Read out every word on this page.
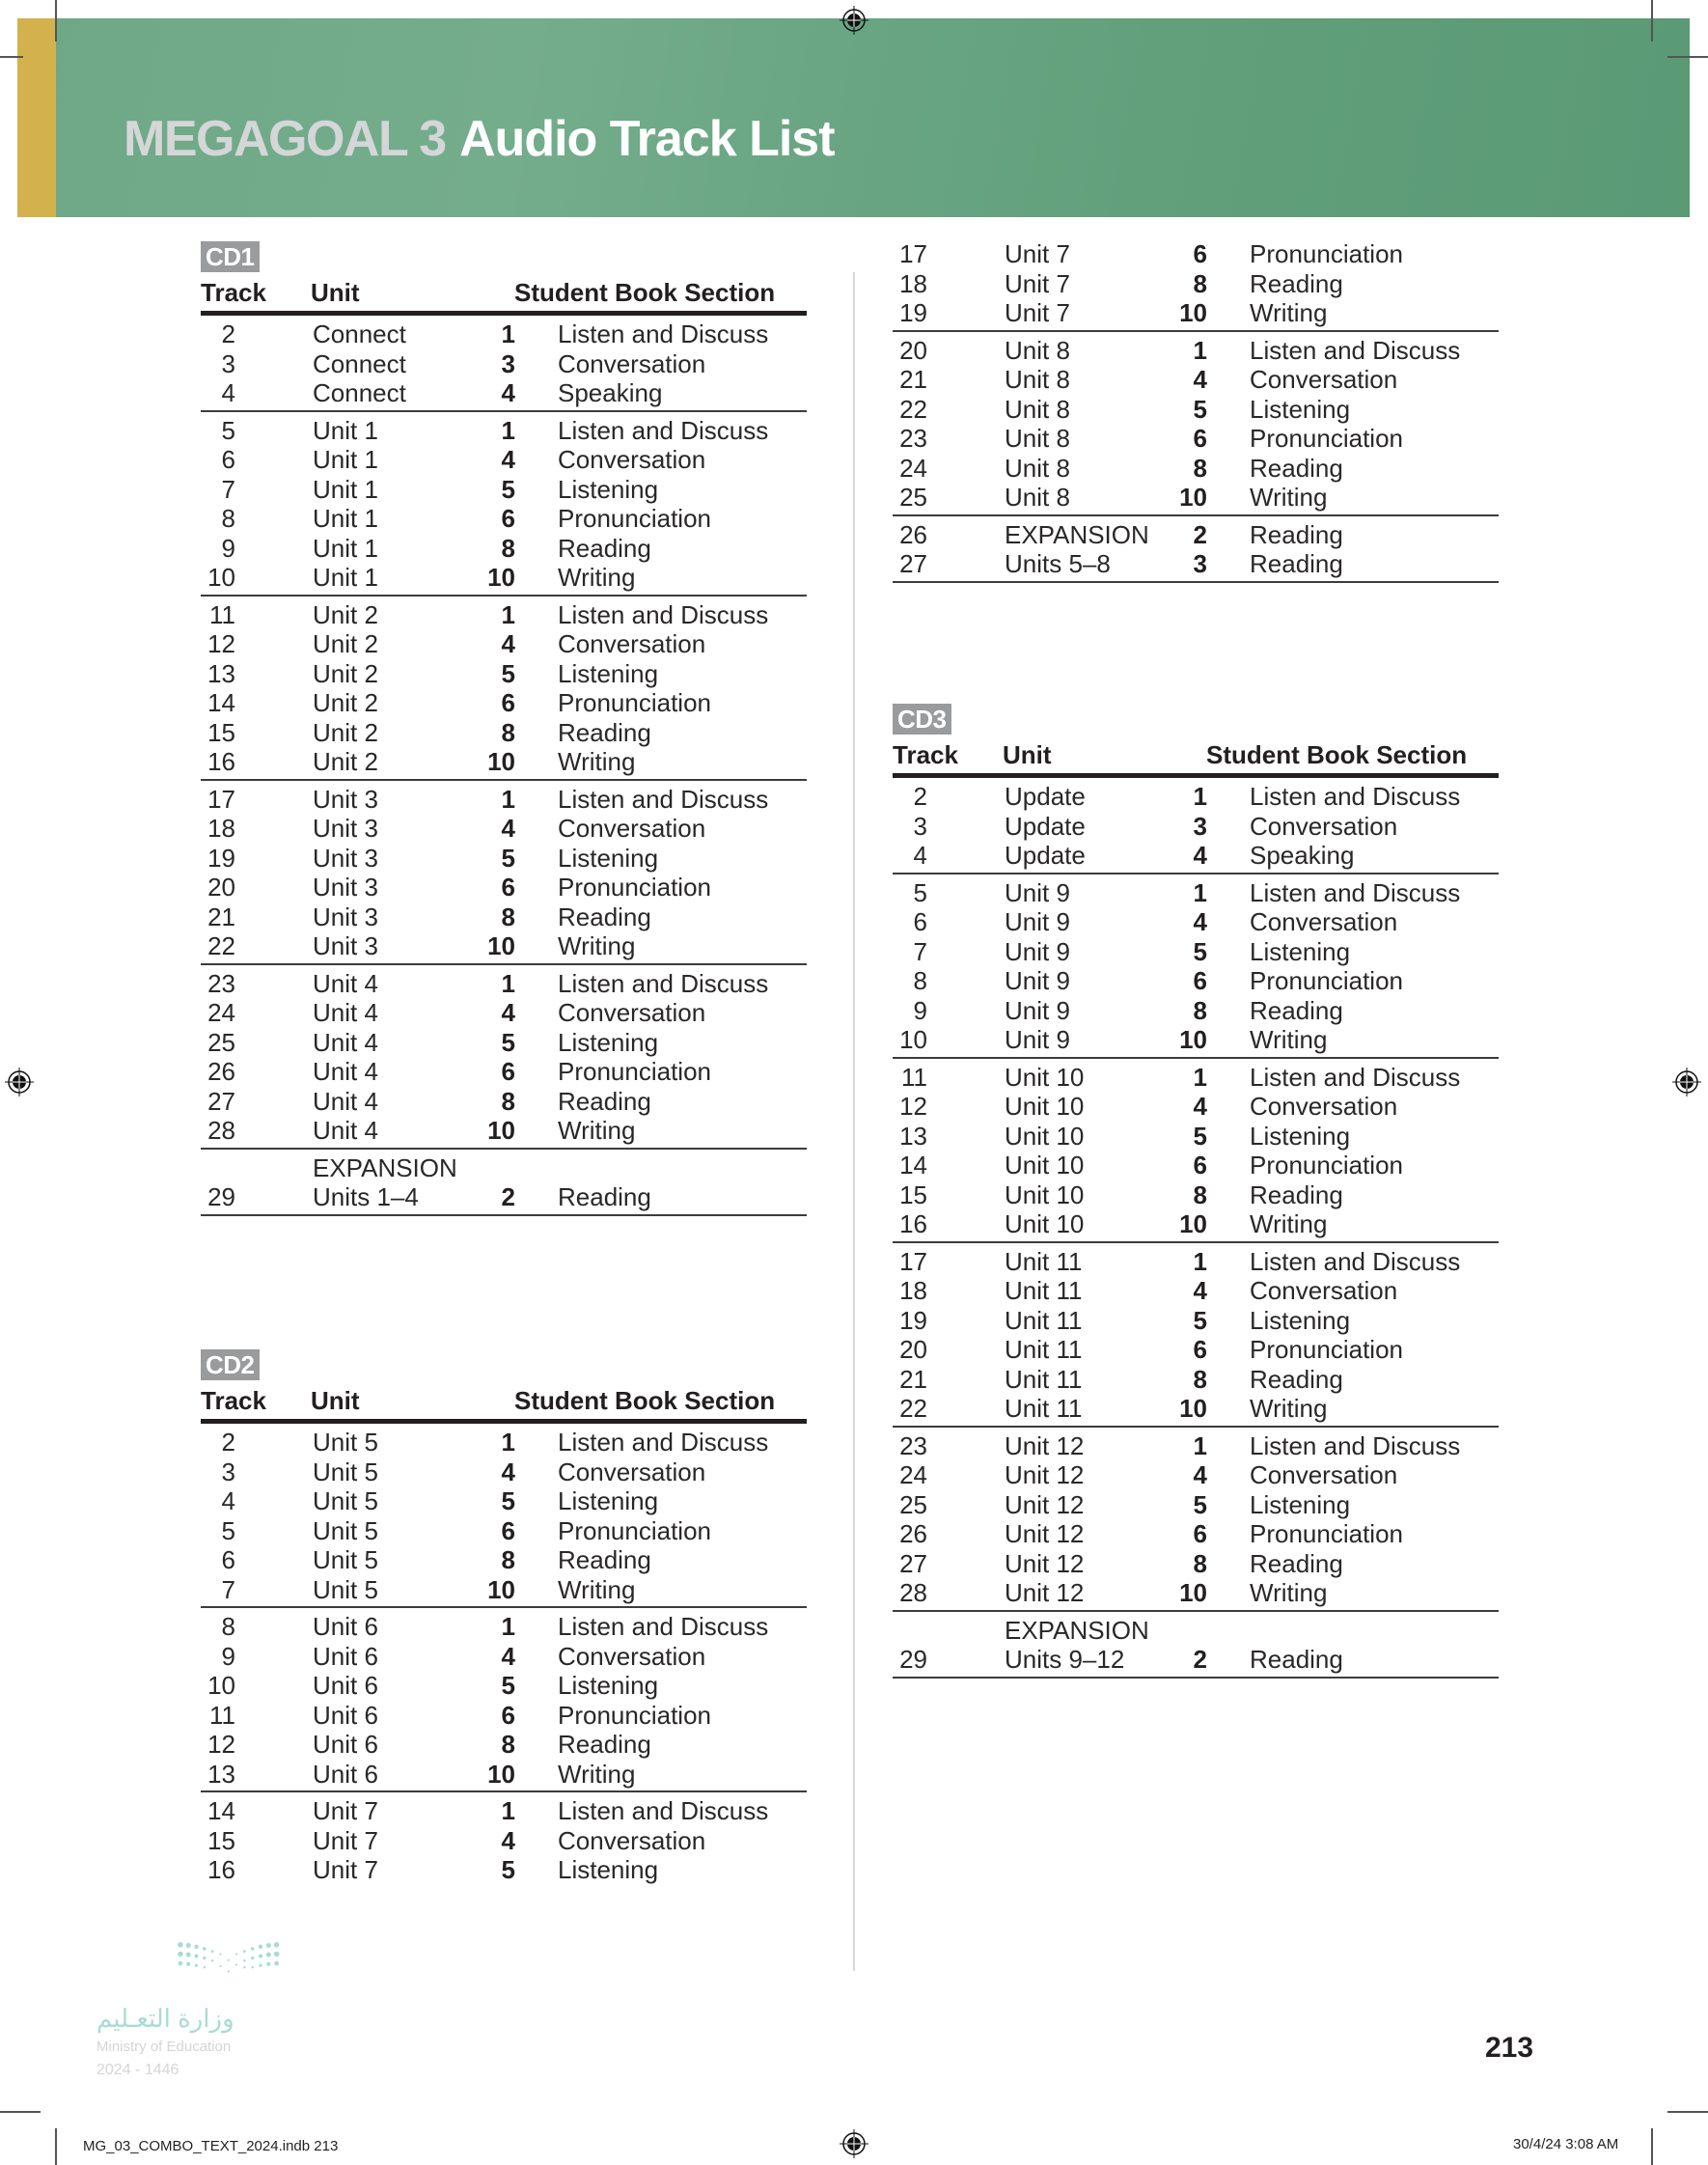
MEGAGOAL 3 Audio Track List
CD1
Track Unit	Student Book Section
2	Connect	1 Listen and Discuss
3	Connect	3 Conversation
4	Connect	4 Speaking
5	Unit 1	1 Listen and Discuss
6	Unit 1	4 Conversation
7	Unit 1	5 Listening
8	Unit 1	6 Pronunciation
9	Unit 1	8 Reading
10	Unit 1	10 Writing
11	Unit 2	1 Listen and Discuss
12	Unit 2	4 Conversation
13	Unit 2	5 Listening
14	Unit 2	6 Pronunciation
15	Unit 2	8 Reading
16	Unit 2	10 Writing
17	Unit 3	1 Listen and Discuss
18	Unit 3	4 Conversation
19	Unit 3	5 Listening
20	Unit 3	6 Pronunciation
21	Unit 3	8 Reading
22	Unit 3	10 Writing
23	Unit 4	1 Listen and Discuss
24	Unit 4	4 Conversation
25	Unit 4	5 Listening
26	Unit 4	6 Pronunciation
27	Unit 4	8 Reading
28	Unit 4	10 Writing
EXPANSION
29	Units 1–4	2 Reading
CD2
Track Unit	Student Book Section
2	Unit 5	1 Listen and Discuss
3	Unit 5	4 Conversation
4	Unit 5	5 Listening
5	Unit 5	6 Pronunciation
6	Unit 5	8 Reading
7	Unit 5	10 Writing
8	Unit 6	1 Listen and Discuss
9	Unit 6	4 Conversation
10	Unit 6	5 Listening
11	Unit 6	6 Pronunciation
12	Unit 6	8 Reading
13	Unit 6	10 Writing
14	Unit 7	1 Listen and Discuss
15	Unit 7	4 Conversation
16	Unit 7	5 Listening
17	Unit 7	6 Pronunciation
18	Unit 7	8 Reading
19	Unit 7	10 Writing
20	Unit 8	1 Listen and Discuss
21	Unit 8	4 Conversation
22	Unit 8	5 Listening
23	Unit 8	6 Pronunciation
24	Unit 8	8 Reading
25	Unit 8	10 Writing
26	EXPANSION	2 Reading
27	Units 5–8	3 Reading
CD3
Track Unit	Student Book Section
2	Update	1 Listen and Discuss
3	Update	3 Conversation
4	Update	4 Speaking
5	Unit 9	1 Listen and Discuss
6	Unit 9	4 Conversation
7	Unit 9	5 Listening
8	Unit 9	6 Pronunciation
9	Unit 9	8 Reading
10	Unit 9	10 Writing
11	Unit 10	1 Listen and Discuss
12	Unit 10	4 Conversation
13	Unit 10	5 Listening
14	Unit 10	6 Pronunciation
15	Unit 10	8 Reading
16	Unit 10	10 Writing
17	Unit 11	1 Listen and Discuss
18	Unit 11	4 Conversation
19	Unit 11	5 Listening
20	Unit 11	6 Pronunciation
21	Unit 11	8 Reading
22	Unit 11	10 Writing
23	Unit 12	1 Listen and Discuss
24	Unit 12	4 Conversation
25	Unit 12	5 Listening
26	Unit 12	6 Pronunciation
27	Unit 12	8 Reading
28	Unit 12	10 Writing
EXPANSION
29	Units 9–12	2 Reading
وزارة التعـليم
Ministry of Education
2024 - 1446
213
MG_03_COMBO_TEXT_2024.indb 213	30/4/24 3:08 AM
